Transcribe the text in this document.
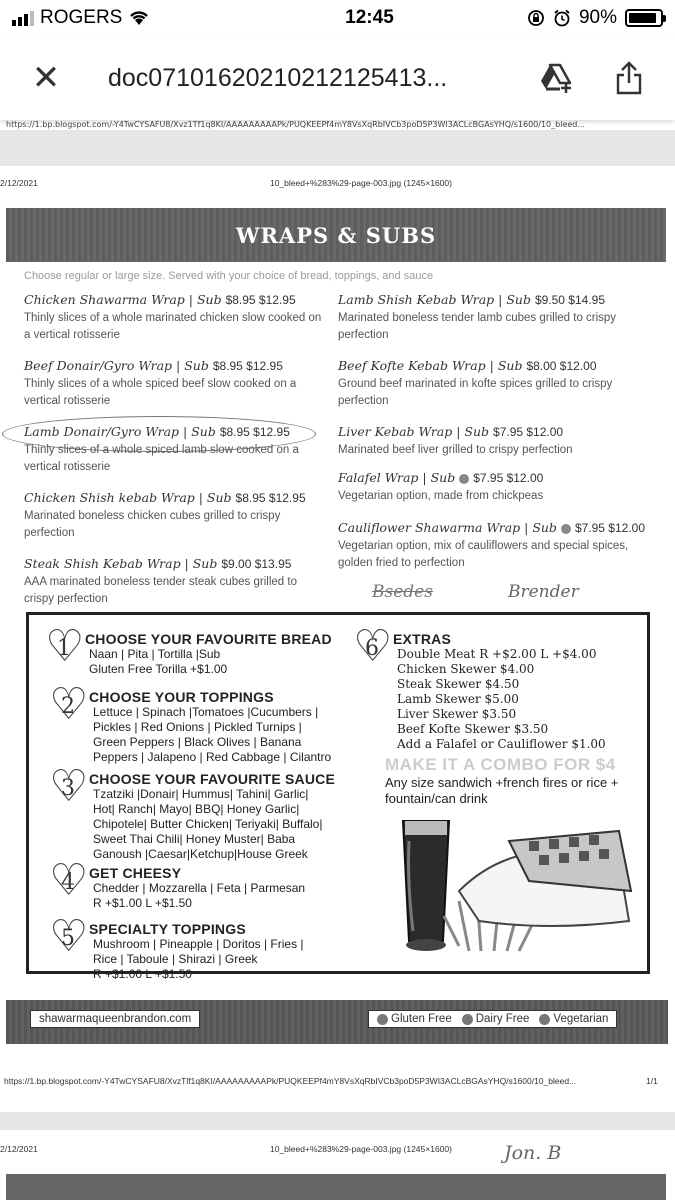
ROGERS	12:45	90%
✕	doc07101620210212125413...
https://1.bp.blogspot.com/-Y4TwCYSAFU8/Xvz1Tf1q8KI/AAAAAAAAAPk/PUQKEEPf4mY8VsXqRbIVCb3poD5P3WI3ACLcBGAsYHQ/s1600/10_bleed...
2/12/2021	10_bleed+%283%29-page-003.jpg (1245×1600)
WRAPS & SUBS
Choose regular or large size. Served with your choice of bread, toppings, and sauce
Chicken Shawarma Wrap | Sub $8.95 $12.95
Thinly slices of a whole marinated chicken slow cooked on a vertical rotisserie
Beef Donair/Gyro Wrap | Sub $8.95 $12.95
Thinly slices of a whole spiced beef slow cooked on a vertical rotisserie
Lamb Donair/Gyro Wrap | Sub $8.95 $12.95
Thinly slices of a whole spiced lamb slow cooked on a vertical rotisserie
Chicken Shish kebab Wrap | Sub $8.95 $12.95
Marinated boneless chicken cubes grilled to crispy perfection
Steak Shish Kebab Wrap | Sub $9.00 $13.95
AAA marinated boneless tender steak cubes grilled to crispy perfection
Lamb Shish Kebab Wrap | Sub $9.50 $14.95
Marinated boneless tender lamb cubes grilled to crispy perfection
Beef Kofte Kebab Wrap | Sub $8.00 $12.00
Ground beef marinated in kofte spices grilled to crispy perfection
Liver Kebab Wrap | Sub $7.95 $12.00
Marinated beef liver grilled to crispy perfection
Falafel Wrap | Sub $7.95 $12.00
Vegetarian option, made from chickpeas
Cauliflower Shawarma Wrap | Sub $7.95 $12.00
Vegetarian option, mix of cauliflowers and special spices, golden fried to perfection
Bsedes	Brender
♡ 1	CHOOSE YOUR FAVOURITE BREAD
Naan | Pita | Tortilla |Sub
Gluten Free Torilla +$1.00
♡ 2	CHOOSE YOUR TOPPINGS
Lettuce | Spinach |Tomatoes |Cucumbers |
Pickles | Red Onions | Pickled Turnips |
Green Peppers | Black Olives | Banana
Peppers | Jalapeno | Red Cabbage | Cilantro
♡ 3	CHOOSE YOUR FAVOURITE SAUCE
Tzatziki |Donair| Hummus| Tahini| Garlic|
Hot| Ranch| Mayo| BBQ| Honey Garlic|
Chipotele| Butter Chicken| Teriyaki| Buffalo|
Sweet Thai Chili| Honey Muster| Baba
Ganoush |Caesar|Ketchup|House Greek
♡ 4	GET CHEESY
Chedder | Mozzarella | Feta | Parmesan
R +$1.00 L +$1.50
♡ 5	SPECIALTY TOPPINGS
Mushroom | Pineapple | Doritos | Fries |
Rice | Taboule | Shirazi | Greek
R +$1.00 L +$1.50
♡ 6	EXTRAS
Double Meat R +$2.00 L +$4.00
Chicken Skewer $4.00
Steak Skewer $4.50
Lamb Skewer $5.00
Liver Skewer $3.50
Beef Kofte Skewer $3.50
Add a Falafel or Cauliflower $1.00
MAKE IT A COMBO FOR $4
Any size sandwich +french fires or rice + fountain/can drink
shawarmaqueenbrandon.com	Gluten Free Dairy Free Vegetarian
https://1.bp.blogspot.com/-Y4TwCYSAFU8/XvzTlf1q8KI/AAAAAAAAAPk/PUQKEEPf4mY8VsXqRbIVCb3poD5P3WI3ACLcBGAsYHQ/s1600/10_bleed...	1/1
2/12/2021	10_bleed+%283%29-page-003.jpg (1245×1600)	Jon. B
